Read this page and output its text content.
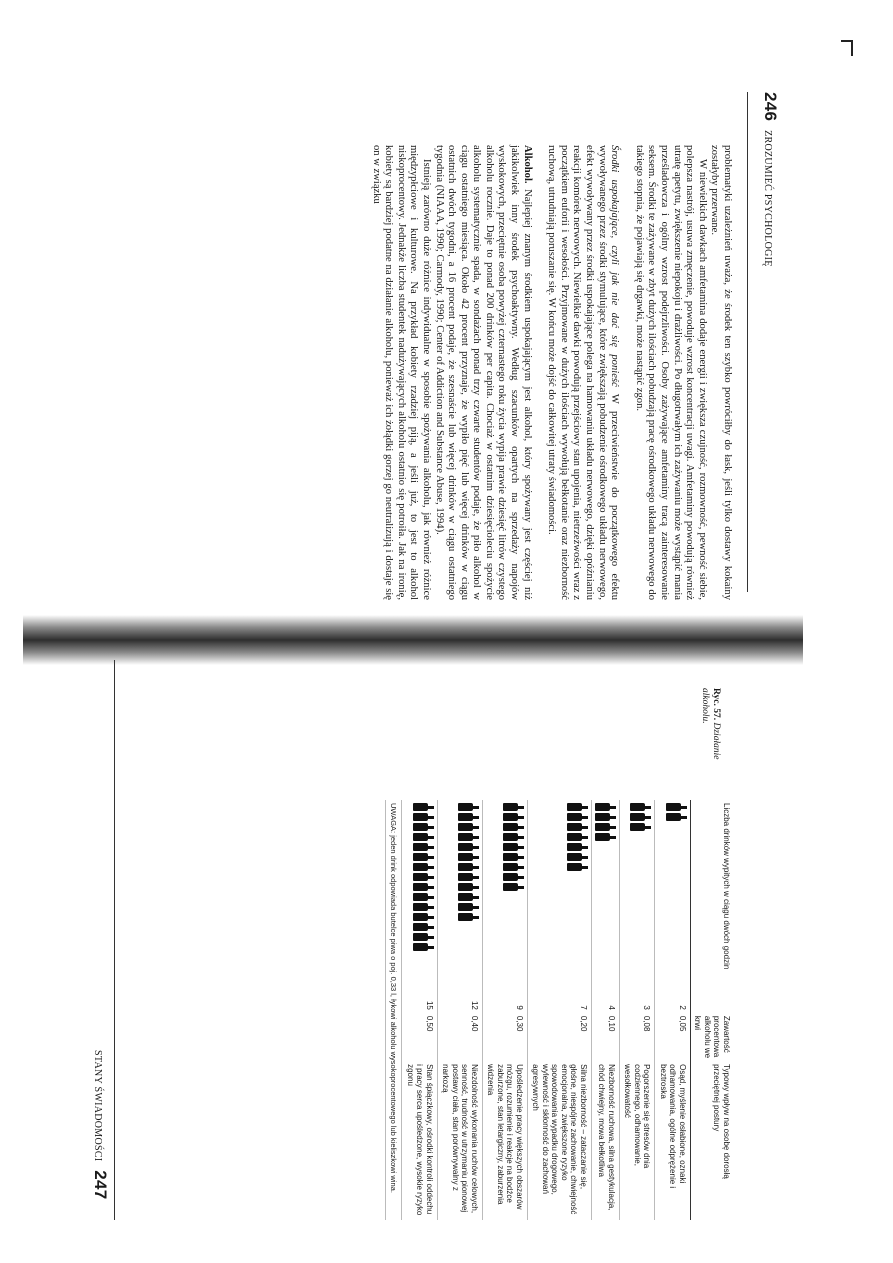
246 ZROZUMIEĆ PSYCHOLOGIĘ

problematyki uzależnień uważa, że środek ten szybko powróciłby do łask, jeśli tylko dostawy kokainy zostałyby przerwane.

W niewielkich dawkach amfetamina dodaje energii i zwiększa czujność, rozmowność, pewność siebie, polepsza nastrój, usuwa zmęczenie, powoduje wzrost koncentracji uwagi. Amfetaminy powodują również utratę apetytu, zwiększenie niepokoju i drażliwości. Po długotrwałym ich zażywaniu może wystąpić mania prześladowcza i ogólny wzrost podejrzliwości. Osoby zażywające amfetaminy tracą zainteresowanie seksem. Środki te zażywane w zbyt dużych ilościach pobudzają pracę ośrodkowego układu nerwowego do takiego stopnia, że pojawiają się drgawki, może nastąpić zgon.

Środki uspokajające, czyli jak nie dać się ponieść W przeciwieństwie do początkowego efektu wywoływanego przez środki stymulujące, które zwiększają pobudzenie ośrodkowego układu nerwowego, efekt wywoływany przez środki uspokajające polega na hamowaniu układu nerwowego, dzięki opóźnianiu reakcji komórek nerwowych. Niewielkie dawki powodują przejściowy stan upojenia, nietrzeźwości wraz z początkiem euforii i wesołości. Przyjmowane w dużych ilościach wywołują bełkotanie oraz niezborność ruchową, utrudniają poruszanie się. W końcu może dojść do całkowitej utraty świadomości.

Alkohol. Najlepiej znanym środkiem uspokajającym jest alkohol, który spożywany jest częściej niż jakikolwiek inny środek psychoaktywny. Według szacunków opartych na sprzedaży napojów wyskokowych, przeciętnie osoba powyżej czternastego roku życia wypija prawie dziesięć litrów czystego alkoholu rocznie. Daje to ponad 200 drinków per capita. Chociaż w ostatnim dziesięcioleciu spożycie alkoholu systematycznie spada, w sondażach ponad trzy czwarte studentów podaje, że piło alkohol w ciągu ostatniego miesiąca. Około 42 procent przyznaje, że wypiło pięć lub więcej drinków w ciągu ostatnich dwóch tygodni, a 16 procent podaje, że szesnaście lub więcej drinków w ciągu ostatniego tygodnia (NIAAA, 1990; Carmody, 1990; Center of Addiction and Substance Abuse, 1994).

Istnieją zarówno duże różnice indywidualne w sposobie spożywania alkoholu, jak również różnice międzypłciowe i kulturowe. Na przykład kobiety rzadziej piją, a jeśli już, to jest to alkohol niskoprocentowy. Jednakże liczba studentek nadużywających alkoholu ostatnio się potroiła. Jak na ironię, kobiety są bardziej podatne na działanie alkoholu, ponieważ ich żołądki gorzej go neutralizują i dostaje się on w związku

Ryc. 57. Działanie alkoholu.
Liczba drinków wypitych w ciągu dwóch godzin		Zawartość procentowa alkoholu we krwi	Typowy wpływ na osobę dorosłą przeciętnej postury

	2	0,05	Osąd, myślenie osłabione, oznaki odhamowania, ogólne odprężenie i beztroska

	3	0,08	Pogorszenie się stresów dnia codziennego, odhamowanie, wesołkowatość

	4	0,10	Niezborność ruchowa, silna gestykulacja, chód chwiejny, mowa bełkotliwa

	7	0,20	Silna niezborność – zataczanie się, głośne, niespójne zachowanie, chwiejność emocjonalna, zwiększone ryzyko spowodowania wypadku drogowego, wylewność i skłonność do zachowań agresywnych

	9	0,30	Upośledzenie pracy większych obszarów mózgu, rozumienie i reakcje na bodźce zaburzone, stan letargiczny, zaburzenia widzenia

	12	0,40	Niezdolność wykonania ruchów celowych, senność, trudność w utrzymaniu pionowej postawy ciała, stan porównywalny z narkozą

	15	0,50	Stan śpiączkowy, ośrodki kontroli oddechu i pracy serca upośledzone, wysokie ryzyko zgonu
UWAGA: jeden drink odpowiada butelce piwa o poj. 0,33 l, łykowi alkoholu wysokoprocentowego lub kieliszkowi wina.			
STANY ŚWIADOMOŚCI 247
